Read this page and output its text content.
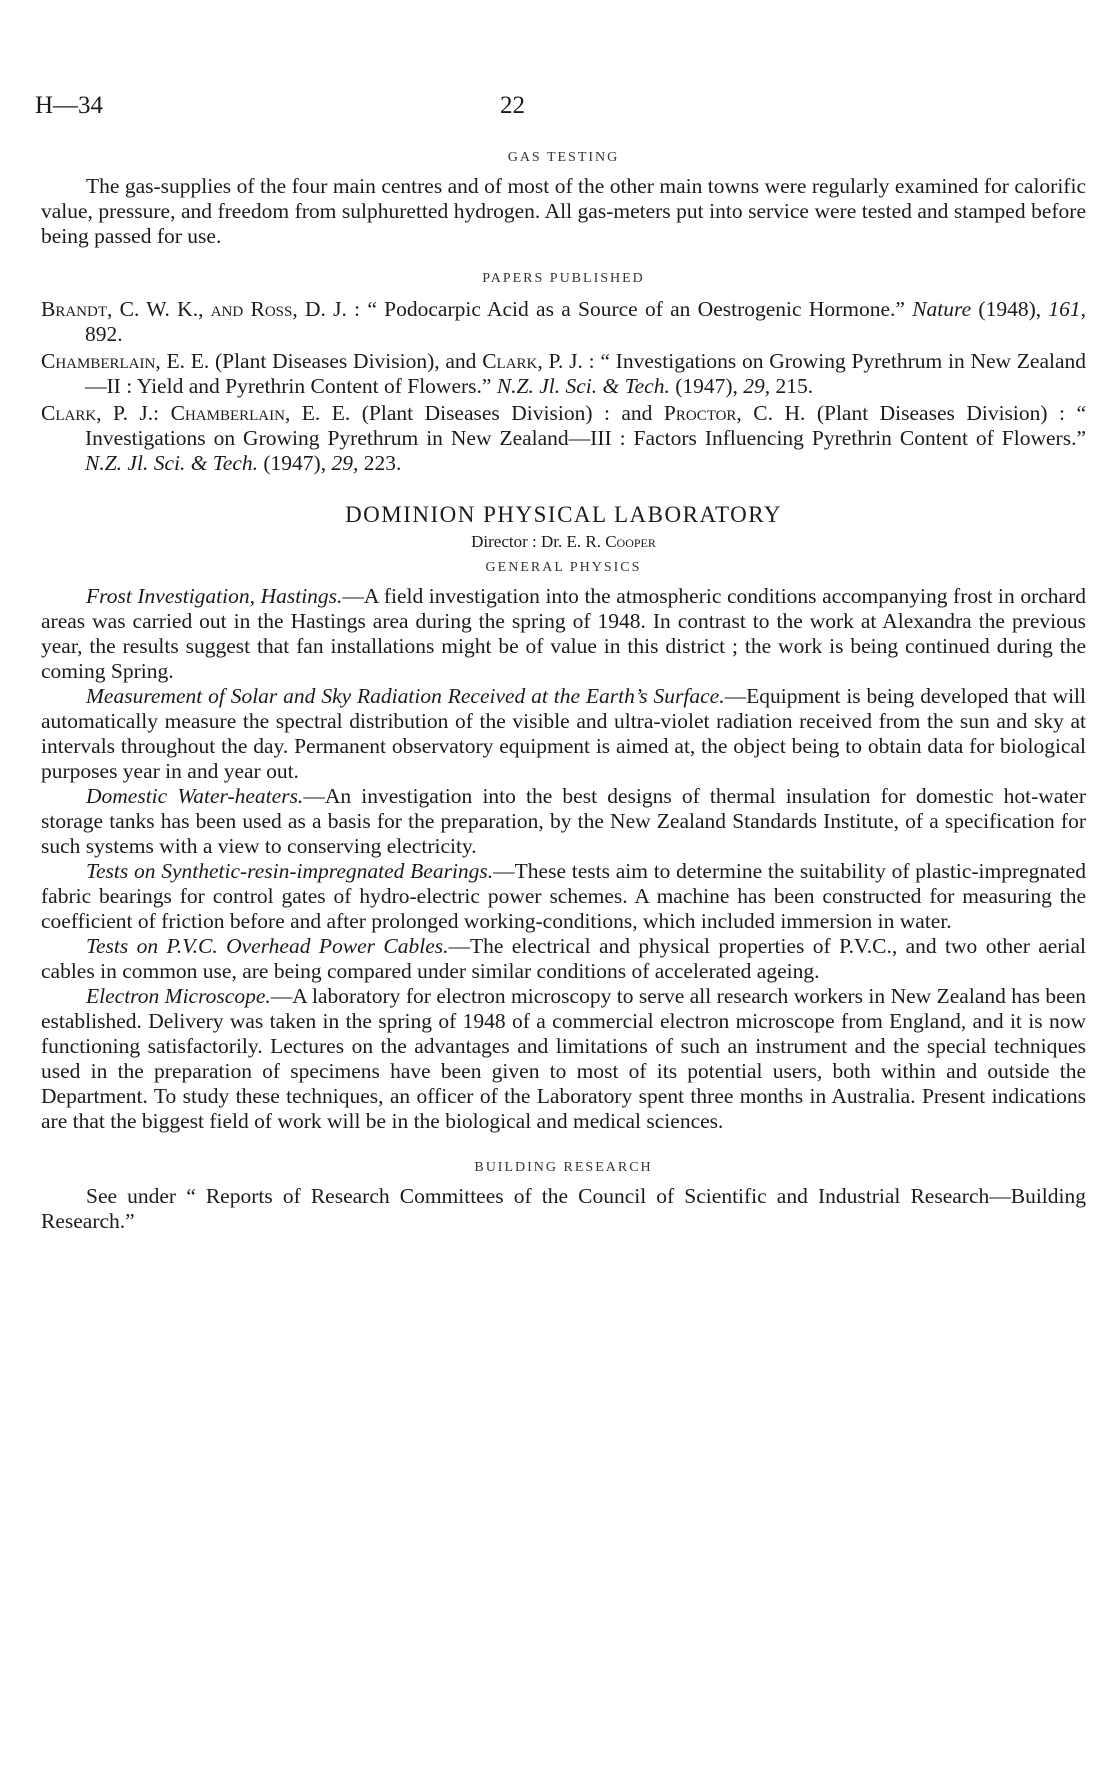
H—34	22
GAS TESTING

The gas-supplies of the four main centres and of most of the other main towns were regularly examined for calorific value, pressure, and freedom from sulphuretted hydrogen. All gas-meters put into service were tested and stamped before being passed for use.

PAPERS PUBLISHED

Brandt, C. W. K., and Ross, D. J. : “ Podocarpic Acid as a Source of an Oestrogenic Hormone.” Nature (1948), 161, 892.

Chamberlain, E. E. (Plant Diseases Division), and Clark, P. J. : “ Investigations on Growing Pyrethrum in New Zealand—II : Yield and Pyrethrin Content of Flowers.” N.Z. Jl. Sci. & Tech. (1947), 29, 215.

Clark, P. J.: Chamberlain, E. E. (Plant Diseases Division) : and Proctor, C. H. (Plant Diseases Division) : “ Investigations on Growing Pyrethrum in New Zealand—III : Factors Influencing Pyrethrin Content of Flowers.” N.Z. Jl. Sci. & Tech. (1947), 29, 223.

DOMINION PHYSICAL LABORATORY
Director : Dr. E. R. Cooper
GENERAL PHYSICS

Frost Investigation, Hastings.—A field investigation into the atmospheric conditions accompanying frost in orchard areas was carried out in the Hastings area during the spring of 1948. In contrast to the work at Alexandra the previous year, the results suggest that fan installations might be of value in this district ; the work is being continued during the coming Spring.

Measurement of Solar and Sky Radiation Received at the Earth’s Surface.—Equipment is being developed that will automatically measure the spectral distribution of the visible and ultra-violet radiation received from the sun and sky at intervals throughout the day. Permanent observatory equipment is aimed at, the object being to obtain data for biological purposes year in and year out.

Domestic Water-heaters.—An investigation into the best designs of thermal insulation for domestic hot-water storage tanks has been used as a basis for the preparation, by the New Zealand Standards Institute, of a specification for such systems with a view to conserving electricity.

Tests on Synthetic-resin-impregnated Bearings.—These tests aim to determine the suitability of plastic-impregnated fabric bearings for control gates of hydro-electric power schemes. A machine has been constructed for measuring the coefficient of friction before and after prolonged working-conditions, which included immersion in water.

Tests on P.V.C. Overhead Power Cables.—The electrical and physical properties of P.V.C., and two other aerial cables in common use, are being compared under similar conditions of accelerated ageing.

Electron Microscope.—A laboratory for electron microscopy to serve all research workers in New Zealand has been established. Delivery was taken in the spring of 1948 of a commercial electron microscope from England, and it is now functioning satisfactorily. Lectures on the advantages and limitations of such an instrument and the special techniques used in the preparation of specimens have been given to most of its potential users, both within and outside the Department. To study these techniques, an officer of the Laboratory spent three months in Australia. Present indications are that the biggest field of work will be in the biological and medical sciences.

BUILDING RESEARCH

See under “ Reports of Research Committees of the Council of Scientific and Industrial Research—Building Research.”
